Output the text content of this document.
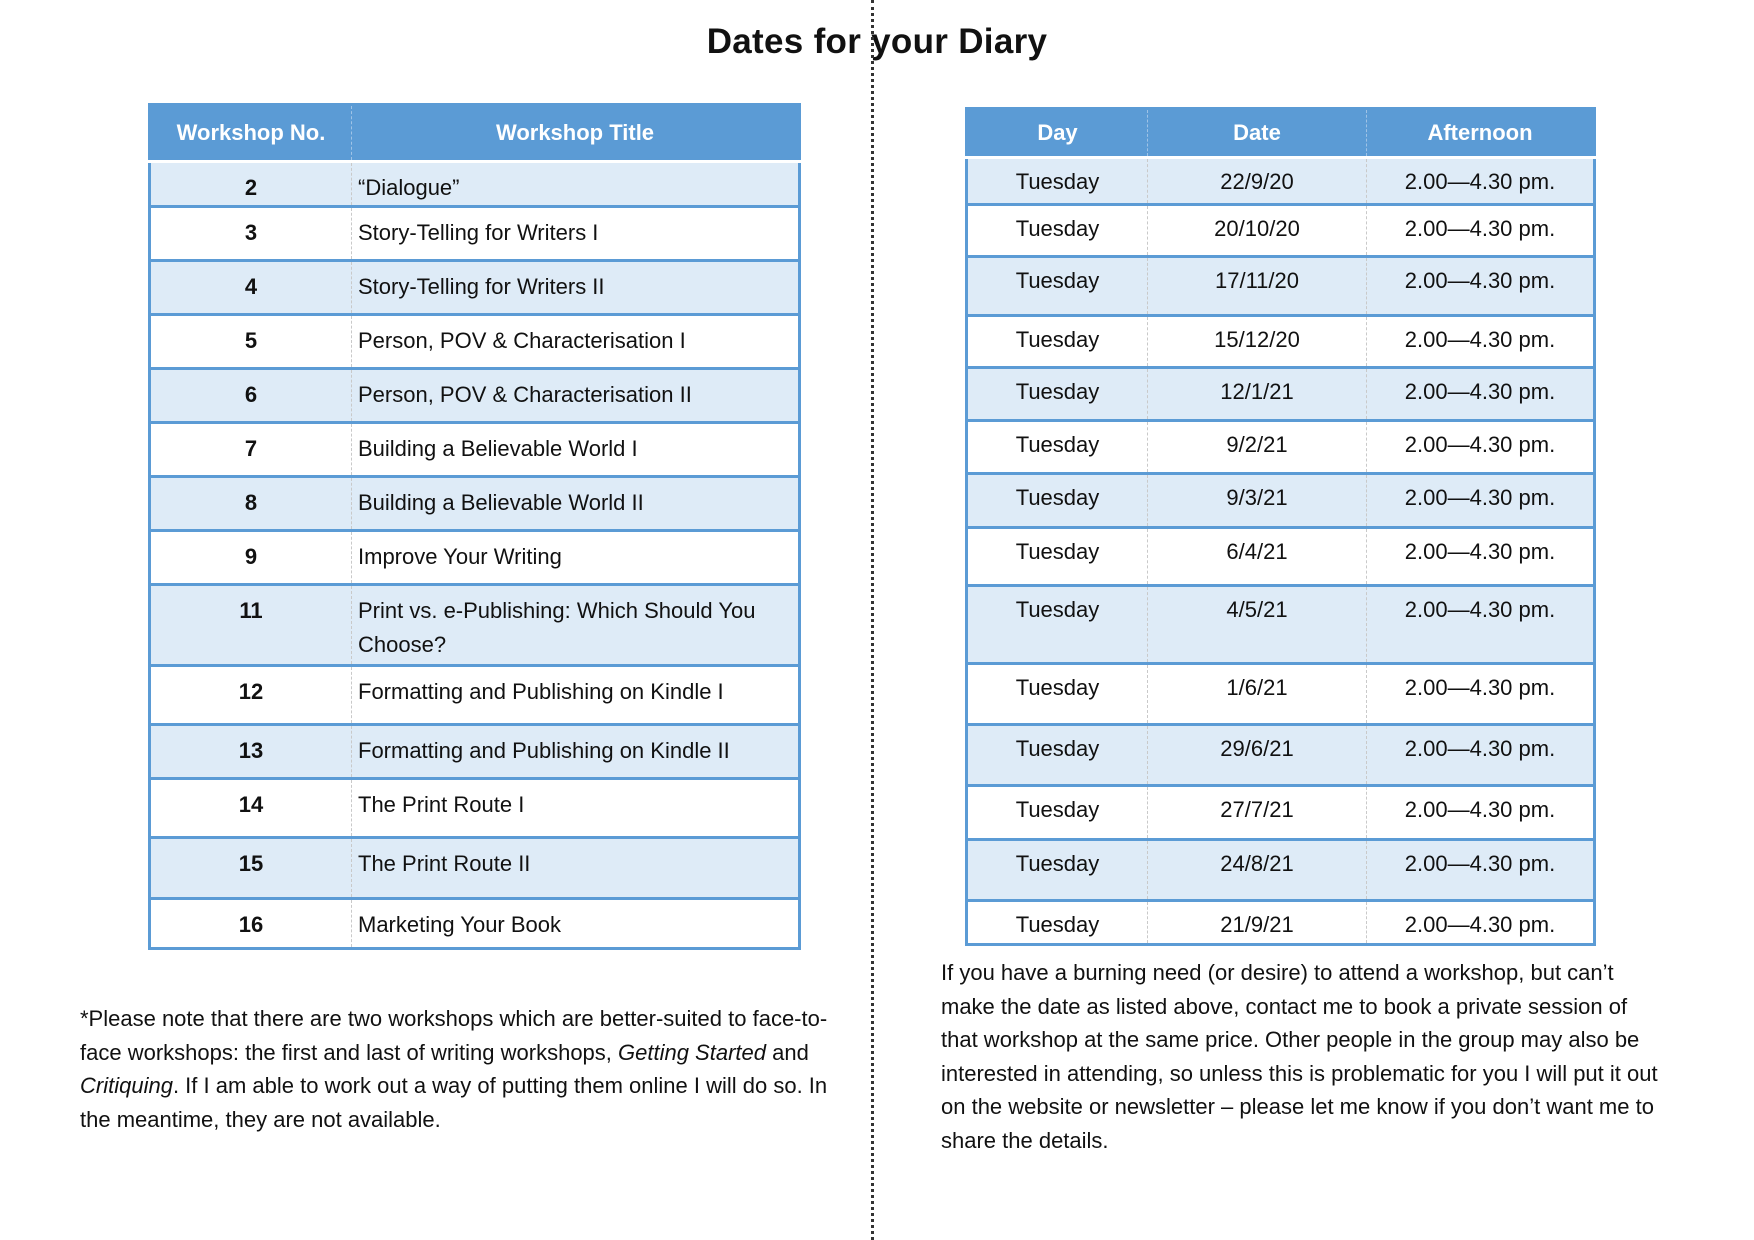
Dates for your Diary
Workshop No.	Workshop Title
2	“Dialogue”
3	Story-Telling for Writers I
4	Story-Telling for Writers II
5	Person, POV & Characterisation I
6	Person, POV & Characterisation II
7	Building a Believable World I
8	Building a Believable World II
9	Improve Your Writing
11	Print vs. e-Publishing: Which Should You Choose?
12	Formatting and Publishing on Kindle I
13	Formatting and Publishing on Kindle II
14	The Print Route I
15	The Print Route II
16	Marketing Your Book
Day	Date	Afternoon
Tuesday	22/9/20	2.00—4.30 pm.
Tuesday	20/10/20	2.00—4.30 pm.
Tuesday	17/11/20	2.00—4.30 pm.
Tuesday	15/12/20	2.00—4.30 pm.
Tuesday	12/1/21	2.00—4.30 pm.
Tuesday	9/2/21	2.00—4.30 pm.
Tuesday	9/3/21	2.00—4.30 pm.
Tuesday	6/4/21	2.00—4.30 pm.
Tuesday	4/5/21	2.00—4.30 pm.
Tuesday	1/6/21	2.00—4.30 pm.
Tuesday	29/6/21	2.00—4.30 pm.
Tuesday	27/7/21	2.00—4.30 pm.
Tuesday	24/8/21	2.00—4.30 pm.
Tuesday	21/9/21	2.00—4.30 pm.
*Please note that there are two workshops which are better-suited to face-to-face workshops: the first and last of writing workshops, Getting Started and Critiquing. If I am able to work out a way of putting them online I will do so. In the meantime, they are not available.
If you have a burning need (or desire) to attend a workshop, but can’t make the date as listed above, contact me to book a private session of that workshop at the same price. Other people in the group may also be interested in attending, so unless this is problematic for you I will put it out on the website or newsletter – please let me know if you don’t want me to share the details.
